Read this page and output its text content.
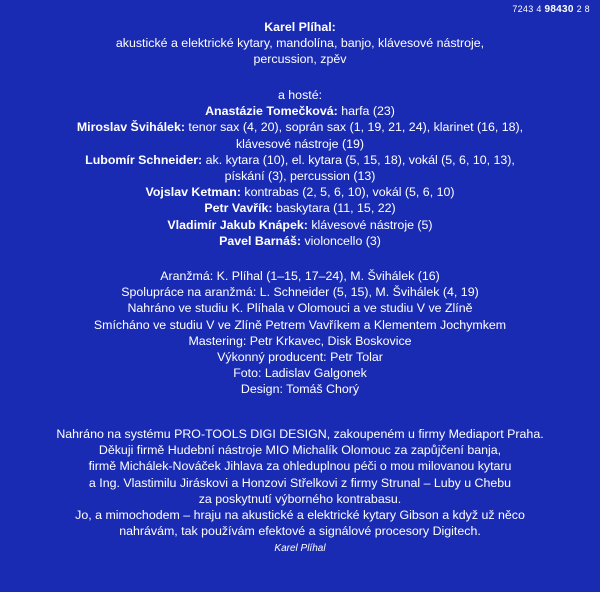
7243 4 98430 2 8
Karel Plíhal:
akustické a elektrické kytary, mandolína, banjo, klávesové nástroje,
percussion, zpěv
a hosté:
Anastázie Tomečková: harfa (23)
Miroslav Švihálek: tenor sax (4, 20), soprán sax (1, 19, 21, 24), klarinet (16, 18),
klávesové nástroje (19)
Lubomír Schneider: ak. kytara (10), el. kytara (5, 15, 18), vokál (5, 6, 10, 13),
pískání (3), percussion (13)
Vojslav Ketman: kontrabas (2, 5, 6, 10), vokál (5, 6, 10)
Petr Vavřík: baskytara (11, 15, 22)
Vladimír Jakub Knápek: klávesové nástroje (5)
Pavel Barnáš: violoncello (3)
Aranžmá: K. Plíhal (1–15, 17–24), M. Švihálek (16)
Spolupráce na aranžmá: L. Schneider (5, 15), M. Švihálek (4, 19)
Nahráno ve studiu K. Plíhala v Olomouci a ve studiu V ve Zlíně
Smícháno ve studiu V ve Zlíně Petrem Vavříkem a Klementem Jochymkem
Mastering: Petr Krkavec, Disk Boskovice
Výkonný producent: Petr Tolar
Foto: Ladislav Galgonek
Design: Tomáš Chorý
Nahráno na systému PRO-TOOLS DIGI DESIGN, zakoupeném u firmy Mediaport Praha.
Děkuji firmě Hudební nástroje MIO Michalík Olomouc za zapůjčení banja,
firmě Michálek-Nováček Jihlava za ohleduplnou péči o mou milovanou kytaru
a Ing. Vlastimilu Jiráskovi a Honzovi Střelkovi z firmy Strunal – Luby u Chebu
za poskytnutí výborného kontrabasu.
Jo, a mimochodem – hraju na akustické a elektrické kytary Gibson a když už něco
nahrávám, tak používám efektové a signálové procesory Digitech.
Karel Plíhal
